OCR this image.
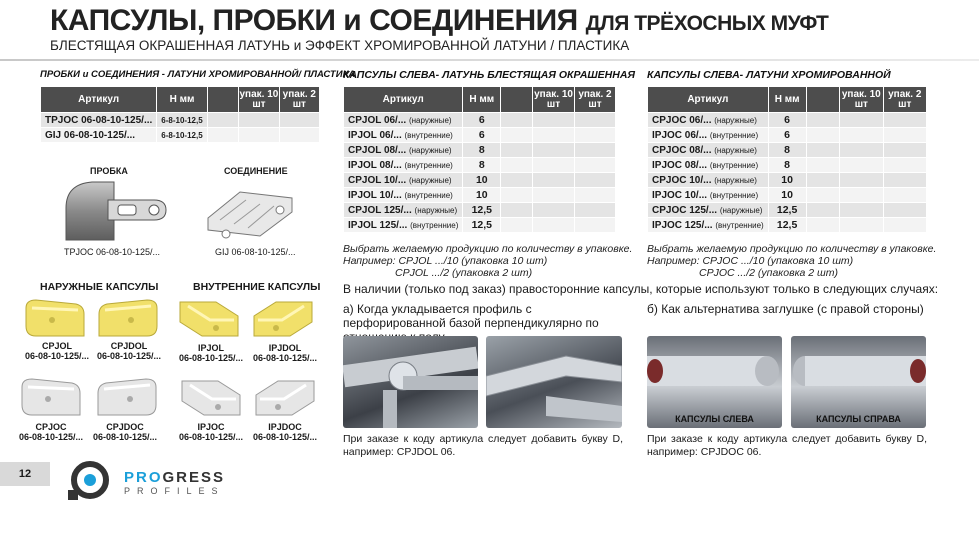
КАПСУЛЫ, ПРОБКИ и СОЕДИНЕНИЯ ДЛЯ ТРЁХОСНЫХ МУФТ
БЛЕСТЯЩАЯ ОКРАШЕННАЯ ЛАТУНЬ и ЭФФЕКТ ХРОМИРОВАННОЙ ЛАТУНИ / ПЛАСТИКА
ПРОБКИ и СОЕДИНЕНИЯ - ЛАТУНИ ХРОМИРОВАННОЙ/ ПЛАСТИКА
Артикул	Н мм		упак. 10 шт	упак. 2 шт
TPJOC 06-08-10-125/...	6-8-10-12,5			
GIJ 06-08-10-125/...	6-8-10-12,5			
ПРОБКА	СОЕДИНЕНИЕ
TPJOC 06-08-10-125/...	GIJ 06-08-10-125/...
НАРУЖНЫЕ КАПСУЛЫ	ВНУТРЕННИЕ КАПСУЛЫ
CPJOL
06-08-10-125/...
CPJDOL
06-08-10-125/...
IPJOL
06-08-10-125/...
IPJDOL
06-08-10-125/...
CPJOC
06-08-10-125/...
CPJDOC
06-08-10-125/...
IPJOC
06-08-10-125/...
IPJDOC
06-08-10-125/...
КАПСУЛЫ СЛЕВА- ЛАТУНЬ БЛЕСТЯЩАЯ ОКРАШЕННАЯ
Артикул	Н мм		упак. 10 шт	упак. 2 шт
CPJOL 06/... (наружные)	6			
IPJOL 06/... (внутренние)	6			
CPJOL 08/... (наружные)	8			
IPJOL 08/... (внутренние)	8			
CPJOL 10/... (наружные)	10			
IPJOL 10/... (внутренние)	10			
CPJOL 125/... (наружные)	12,5			
IPJOL 125/... (внутренние)	12,5			
Выбрать желаемую продукцию по количеству в упаковке.
Например: CPJOL .../10 (упаковка 10 шт)
CPJOL .../2 (упаковка 2 шт)
КАПСУЛЫ СЛЕВА- ЛАТУНИ ХРОМИРОВАННОЙ
Артикул	Н мм		упак. 10 шт	упак. 2 шт
CPJOC 06/... (наружные)	6			
IPJOC 06/... (внутренние)	6			
CPJOC 08/... (наружные)	8			
IPJOC 08/... (внутренние)	8			
CPJOC 10/... (наружные)	10			
IPJOC 10/... (внутренние)	10			
CPJOC 125/... (наружные)	12,5			
IPJOC 125/... (внутренние)	12,5			
Выбрать желаемую продукцию по количеству в упаковке.
Например: CPJOC .../10 (упаковка 10 шт)
CPJOC .../2 (упаковка 2 шт)
В наличии (только под заказ) правосторонние капсулы, которые используют только в следующих случаях:
а) Когда укладывается профиль с перфорированной базой перпендикулярно по
б) Как альтернатива заглушке (с правой стороны)
КАПСУЛЫ СЛЕВА	КАПСУЛЫ СПРАВА
При заказе к коду артикула следует добавить букву D, например: CPJDOL 06.
При заказе к коду артикула следует добавить букву D, например: CPJDOC 06.
12	PROGRESS
PROFILES
